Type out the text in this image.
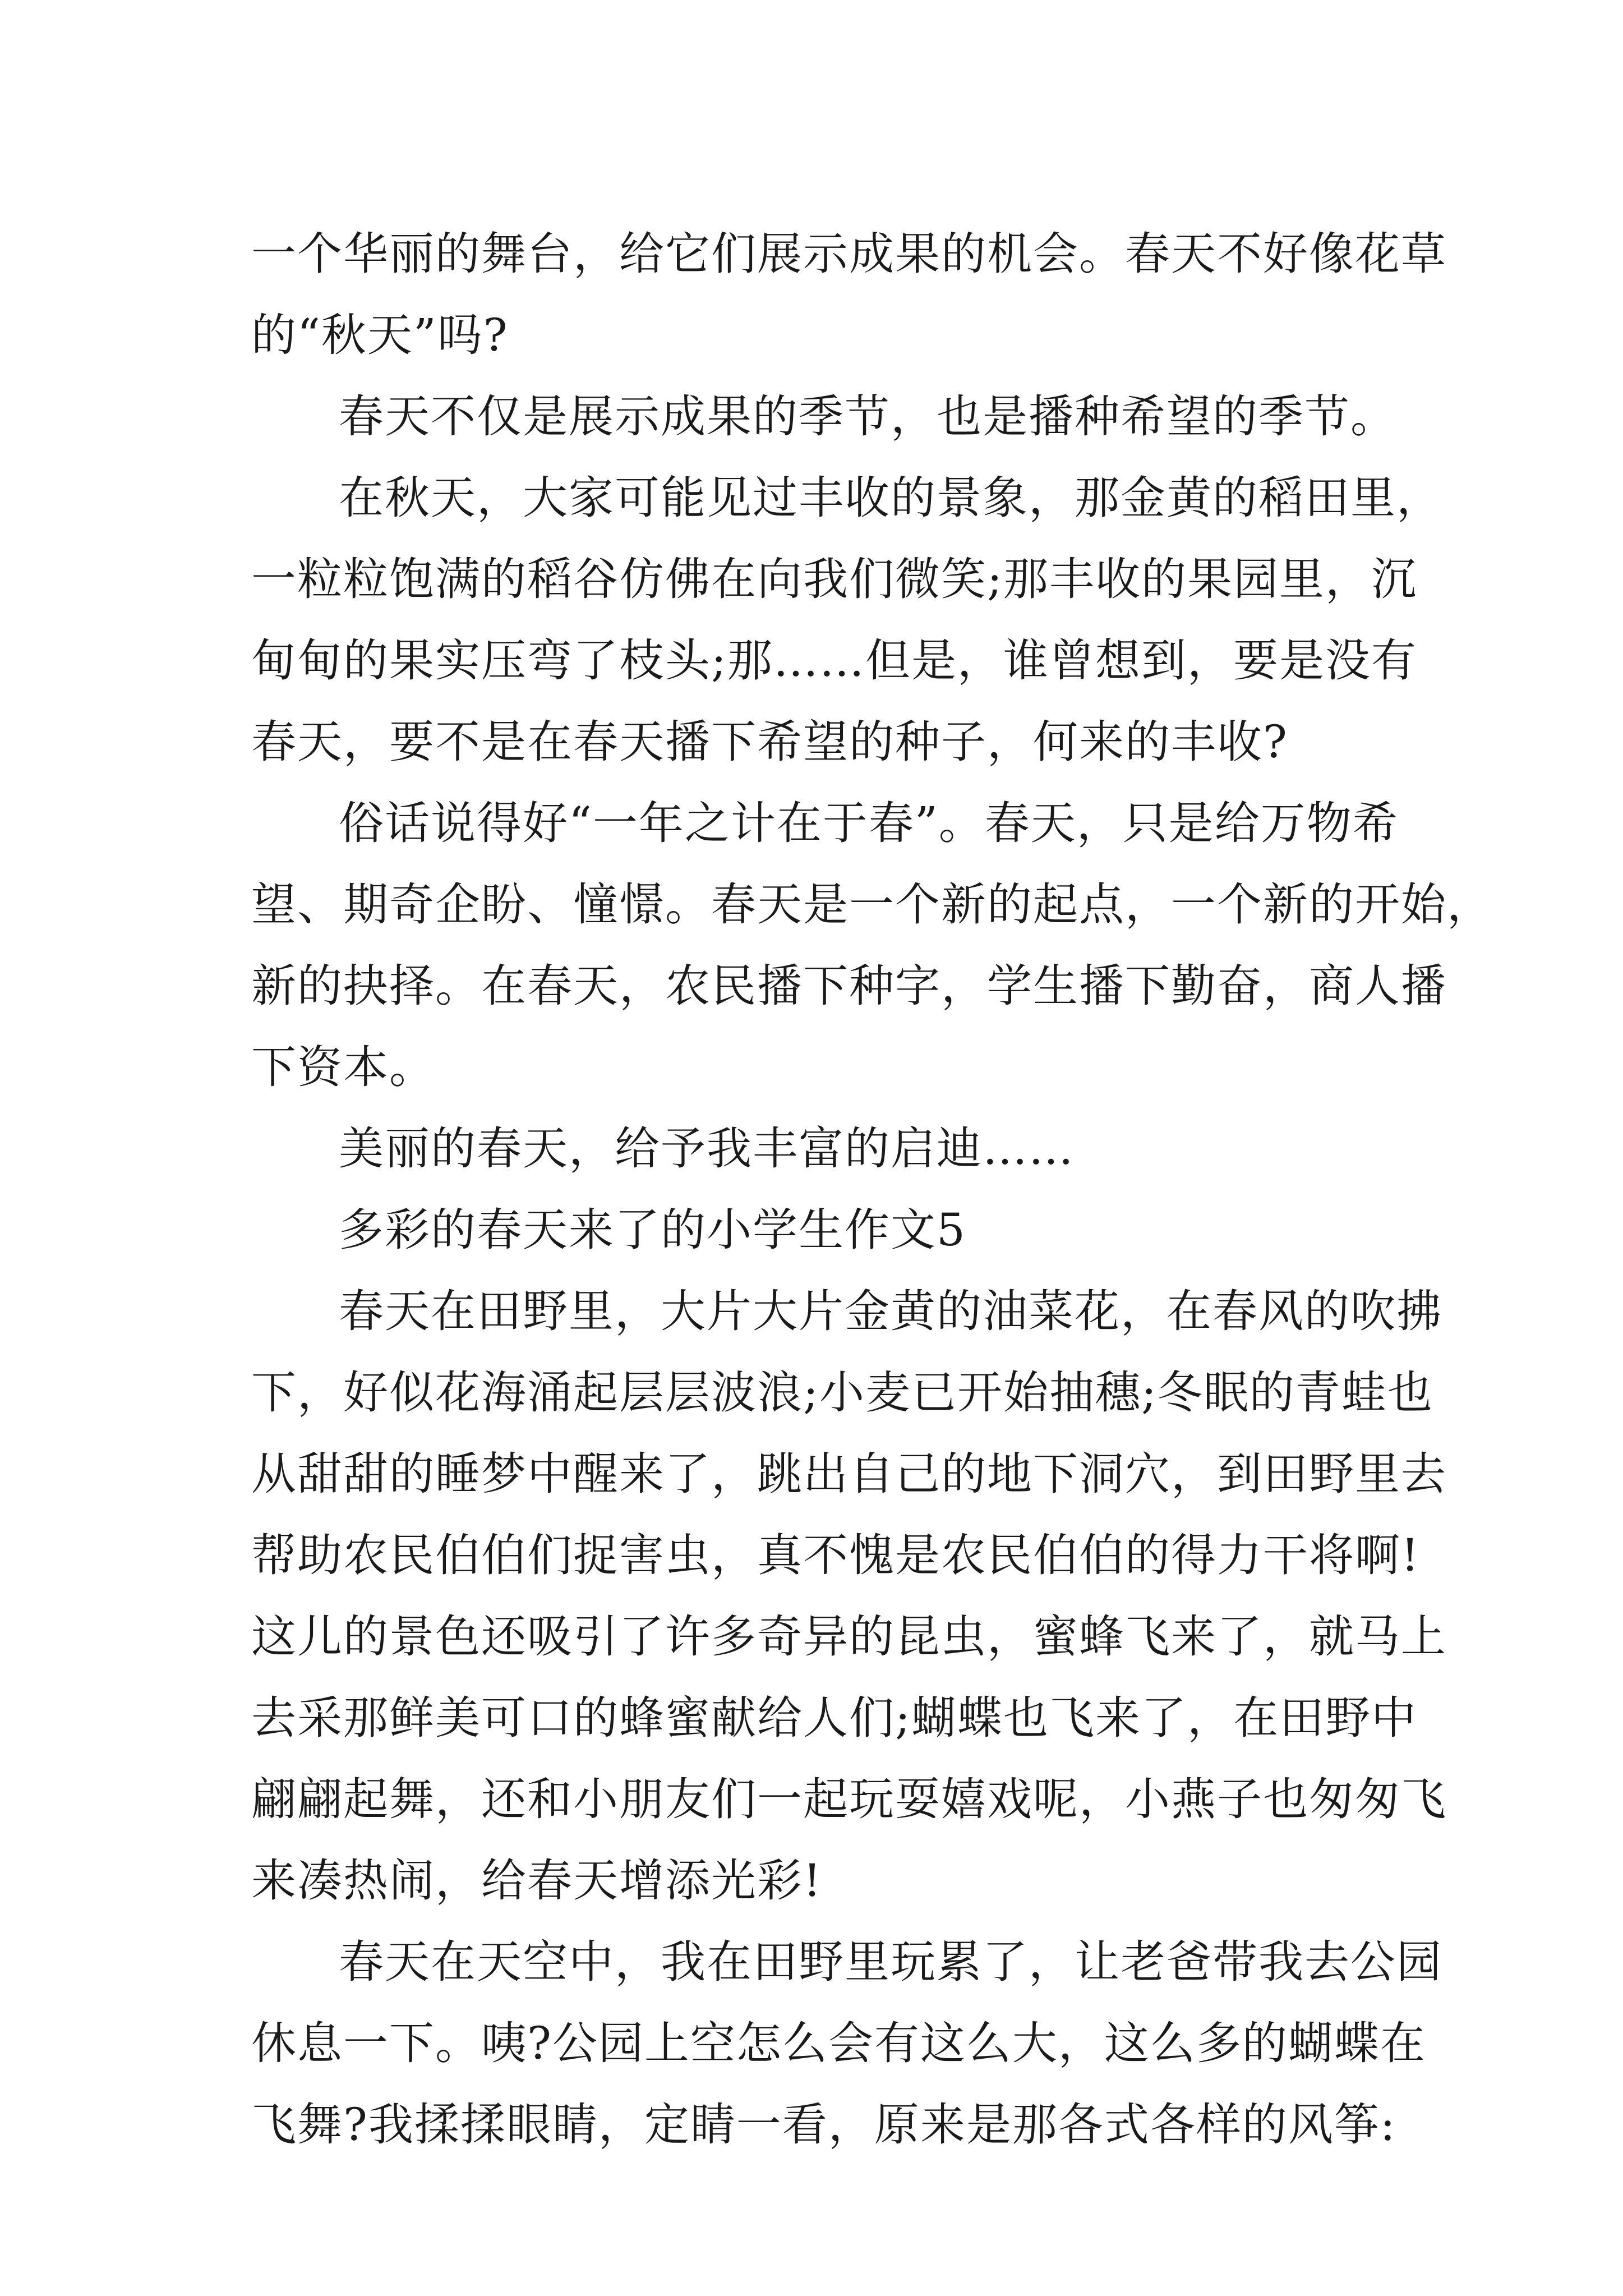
一个华丽的舞台，给它们展示成果的机会。春天不好像花草
的“秋天”吗?
春天不仅是展示成果的季节，也是播种希望的季节。
在秋天，大家可能见过丰收的景象，那金黄的稻田里，
一粒粒饱满的稻谷仿佛在向我们微笑;那丰收的果园里，沉
甸甸的果实压弯了枝头;那……但是，谁曾想到，要是没有
春天，要不是在春天播下希望的种子，何来的丰收?
俗话说得好“一年之计在于春”。春天，只是给万物希
望、期奇企盼、憧憬。春天是一个新的起点，一个新的开始，
新的抉择。在春天，农民播下种字，学生播下勤奋，商人播
下资本。
美丽的春天，给予我丰富的启迪……
多彩的春天来了的小学生作文5
春天在田野里，大片大片金黄的油菜花，在春风的吹拂
下，好似花海涌起层层波浪;小麦已开始抽穗;冬眠的青蛙也
从甜甜的睡梦中醒来了，跳出自己的地下洞穴，到田野里去
帮助农民伯伯们捉害虫，真不愧是农民伯伯的得力干将啊!
这儿的景色还吸引了许多奇异的昆虫，蜜蜂飞来了，就马上
去采那鲜美可口的蜂蜜献给人们;蝴蝶也飞来了，在田野中
翩翩起舞，还和小朋友们一起玩耍嬉戏呢，小燕子也匆匆飞
来凑热闹，给春天增添光彩!
春天在天空中，我在田野里玩累了，让老爸带我去公园
休息一下。咦?公园上空怎么会有这么大，这么多的蝴蝶在
飞舞?我揉揉眼睛，定睛一看，原来是那各式各样的风筝:
